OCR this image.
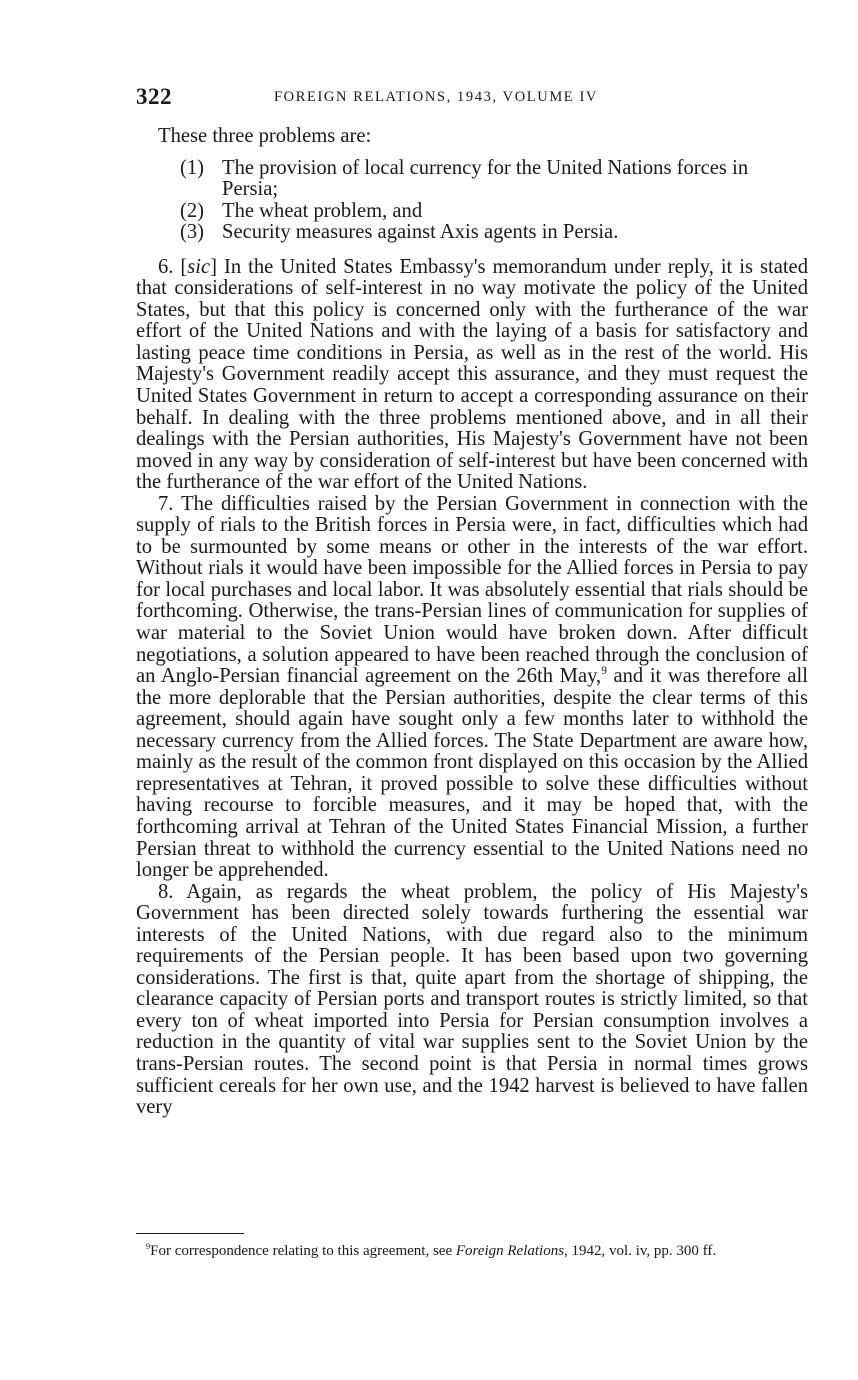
322	FOREIGN RELATIONS, 1943, VOLUME IV

These three problems are:

(1) The provision of local currency for the United Nations forces in Persia;
(2) The wheat problem, and
(3) Security measures against Axis agents in Persia.

6. [sic] In the United States Embassy's memorandum under reply, it is stated that considerations of self-interest in no way motivate the policy of the United States, but that this policy is concerned only with the furtherance of the war effort of the United Nations and with the laying of a basis for satisfactory and lasting peace time conditions in Persia, as well as in the rest of the world. His Majesty's Government readily accept this assurance, and they must request the United States Government in return to accept a corresponding assurance on their behalf. In dealing with the three problems mentioned above, and in all their dealings with the Persian authorities, His Majesty's Government have not been moved in any way by consideration of self-interest but have been concerned with the furtherance of the war effort of the United Nations.

7. The difficulties raised by the Persian Government in connection with the supply of rials to the British forces in Persia were, in fact, difficulties which had to be surmounted by some means or other in the interests of the war effort. Without rials it would have been impossible for the Allied forces in Persia to pay for local purchases and local labor. It was absolutely essential that rials should be forthcoming. Otherwise, the trans-Persian lines of communication for supplies of war material to the Soviet Union would have broken down. After difficult negotiations, a solution appeared to have been reached through the conclusion of an Anglo-Persian financial agreement on the 26th May,$^9$ and it was therefore all the more deplorable that the Persian authorities, despite the clear terms of this agreement, should again have sought only a few months later to withhold the necessary currency from the Allied forces. The State Department are aware how, mainly as the result of the common front displayed on this occasion by the Allied representatives at Tehran, it proved possible to solve these difficulties without having recourse to forcible measures, and it may be hoped that, with the forthcoming arrival at Tehran of the United States Financial Mission, a further Persian threat to withhold the currency essential to the United Nations need no longer be apprehended.

8. Again, as regards the wheat problem, the policy of His Majesty's Government has been directed solely towards furthering the essential war interests of the United Nations, with due regard also to the minimum requirements of the Persian people. It has been based upon two governing considerations. The first is that, quite apart from the shortage of shipping, the clearance capacity of Persian ports and transport routes is strictly limited, so that every ton of wheat imported into Persia for Persian consumption involves a reduction in the quantity of vital war supplies sent to the Soviet Union by the trans-Persian routes. The second point is that Persia in normal times grows sufficient cereals for her own use, and the 1942 harvest is believed to have fallen very

$^9$For correspondence relating to this agreement, see Foreign Relations, 1942, vol. iv, pp. 300 ff.
